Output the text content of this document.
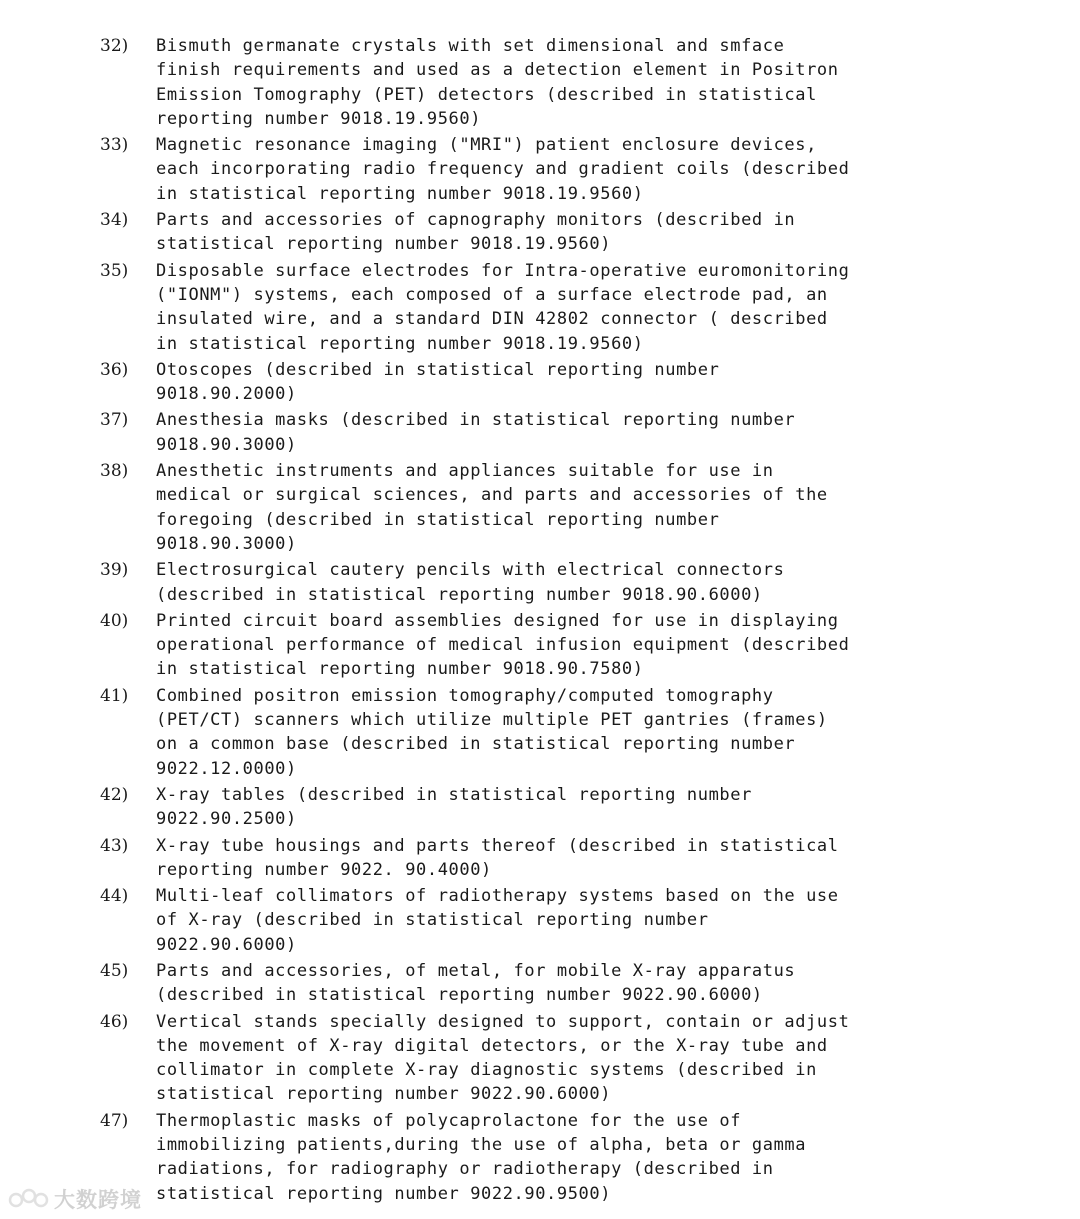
32)	Bismuth germanate crystals with set dimensional and smface
finish requirements and used as a detection element in Positron
Emission Tomography (PET) detectors (described in statistical
reporting number 9018.19.9560)
33)	Magnetic resonance imaging ("MRI") patient enclosure devices,
each incorporating radio frequency and gradient coils (described
in statistical reporting number 9018.19.9560)
34)	Parts and accessories of capnography monitors (described in
statistical reporting number 9018.19.9560)
35)	Disposable surface electrodes for Intra-operative euromonitoring
("IONM") systems, each composed of a surface electrode pad, an
insulated wire, and a standard DIN 42802 connector ( described
in statistical reporting number 9018.19.9560)
36)	Otoscopes (described in statistical reporting number
9018.90.2000)
37)	Anesthesia masks (described in statistical reporting number
9018.90.3000)
38)	Anesthetic instruments and appliances suitable for use in
medical or surgical sciences, and parts and accessories of the
foregoing (described in statistical reporting number
9018.90.3000)
39)	Electrosurgical cautery pencils with electrical connectors
(described in statistical reporting number 9018.90.6000)
40)	Printed circuit board assemblies designed for use in displaying
operational performance of medical infusion equipment (described
in statistical reporting number 9018.90.7580)
41)	Combined positron emission tomography/computed tomography
(PET/CT) scanners which utilize multiple PET gantries (frames)
on a common base (described in statistical reporting number
9022.12.0000)
42)	X-ray tables (described in statistical reporting number
9022.90.2500)
43)	X-ray tube housings and parts thereof (described in statistical
reporting number 9022. 90.4000)
44)	Multi-leaf collimators of radiotherapy systems based on the use
of X-ray (described in statistical reporting number
9022.90.6000)
45)	Parts and accessories, of metal, for mobile X-ray apparatus
(described in statistical reporting number 9022.90.6000)
46)	Vertical stands specially designed to support, contain or adjust
the movement of X-ray digital detectors, or the X-ray tube and
collimator in complete X-ray diagnostic systems (described in
statistical reporting number 9022.90.6000)
47)	Thermoplastic masks of polycaprolactone for the use of
immobilizing patients,during the use of alpha, beta or gamma
radiations, for radiography or radiotherapy (described in
statistical reporting number 9022.90.9500)
大数跨境
